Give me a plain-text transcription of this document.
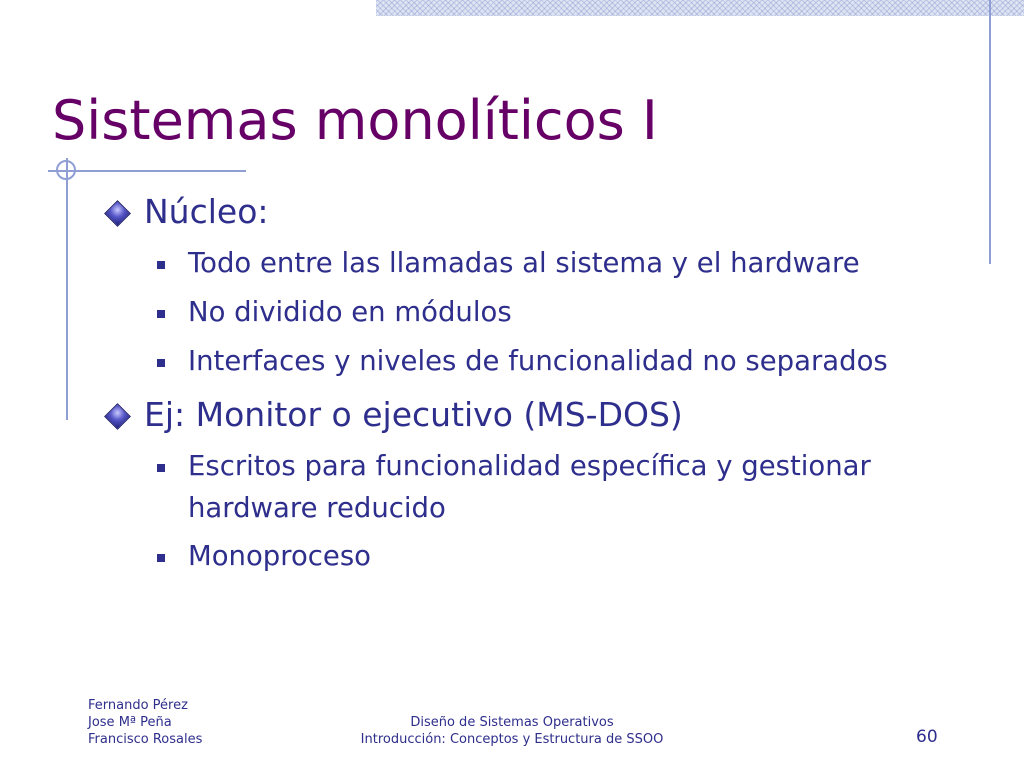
Sistemas monolíticos I
Núcleo:
Todo entre las llamadas al sistema y el hardware
No dividido en módulos
Interfaces y niveles de funcionalidad no separados
Ej: Monitor o ejecutivo (MS-DOS)
Escritos para funcionalidad específica y gestionar
hardware reducido
Monoproceso
Fernando Pérez
Jose Mª Peña
Francisco Rosales
Diseño de Sistemas Operativos
Introducción: Conceptos y Estructura de SSOO	60
